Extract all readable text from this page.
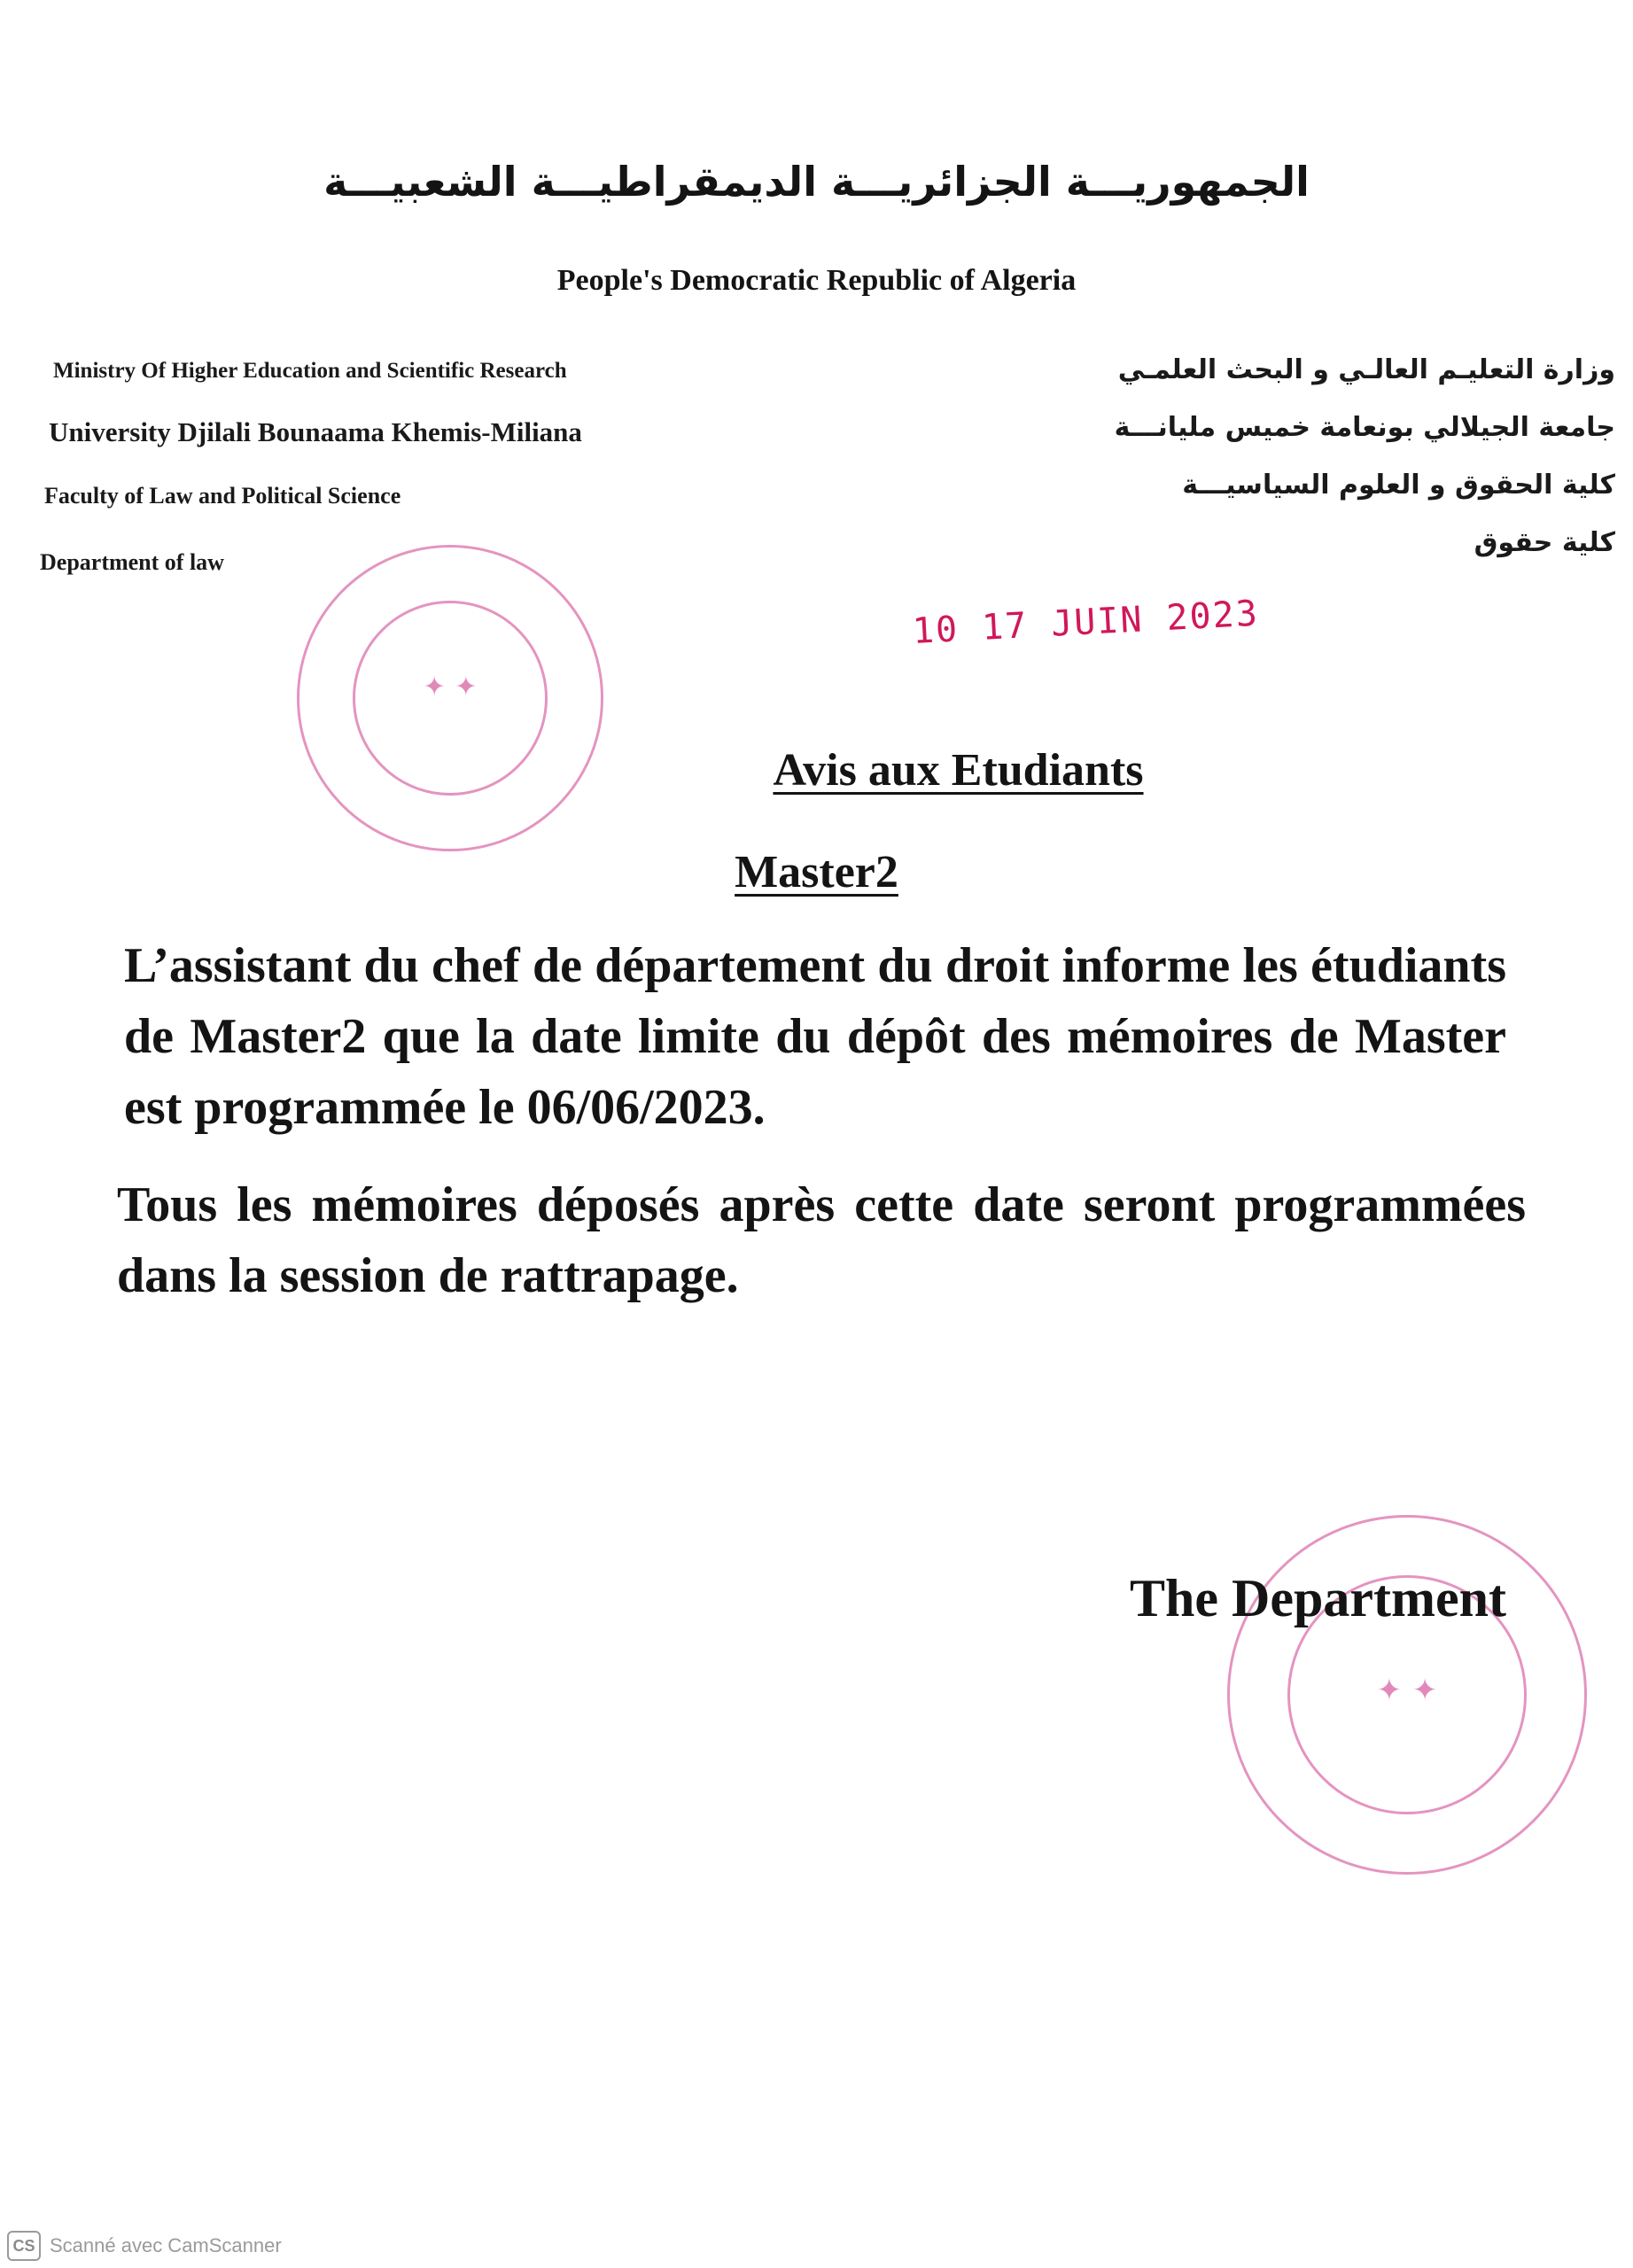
الجمهوريـــة الجزائريـــة الديمقراطيـــة الشعبيـــة
People's Democratic Republic of Algeria
Ministry Of Higher Education and Scientific Research
University Djilali Bounaama Khemis-Miliana
Faculty of Law and Political Science
Department of law
وزارة التعليـم العالـي و البحث العلمـي
جامعة الجيلالي بونعامة خميس مليانـــة
كلية الحقوق و العلوم السياسيـــة
كلية حقوق
✦ ✦
10 17 JUIN 2023
Avis aux Etudiants
Master2
L’assistant du chef de département du droit informe les étudiants de Master2 que la date limite du dépôt des mémoires de Master est programmée le 06/06/2023.
Tous les mémoires déposés après cette date seront programmées dans la session de rattrapage.
✦ ✦
The Department
CS Scanné avec CamScanner
